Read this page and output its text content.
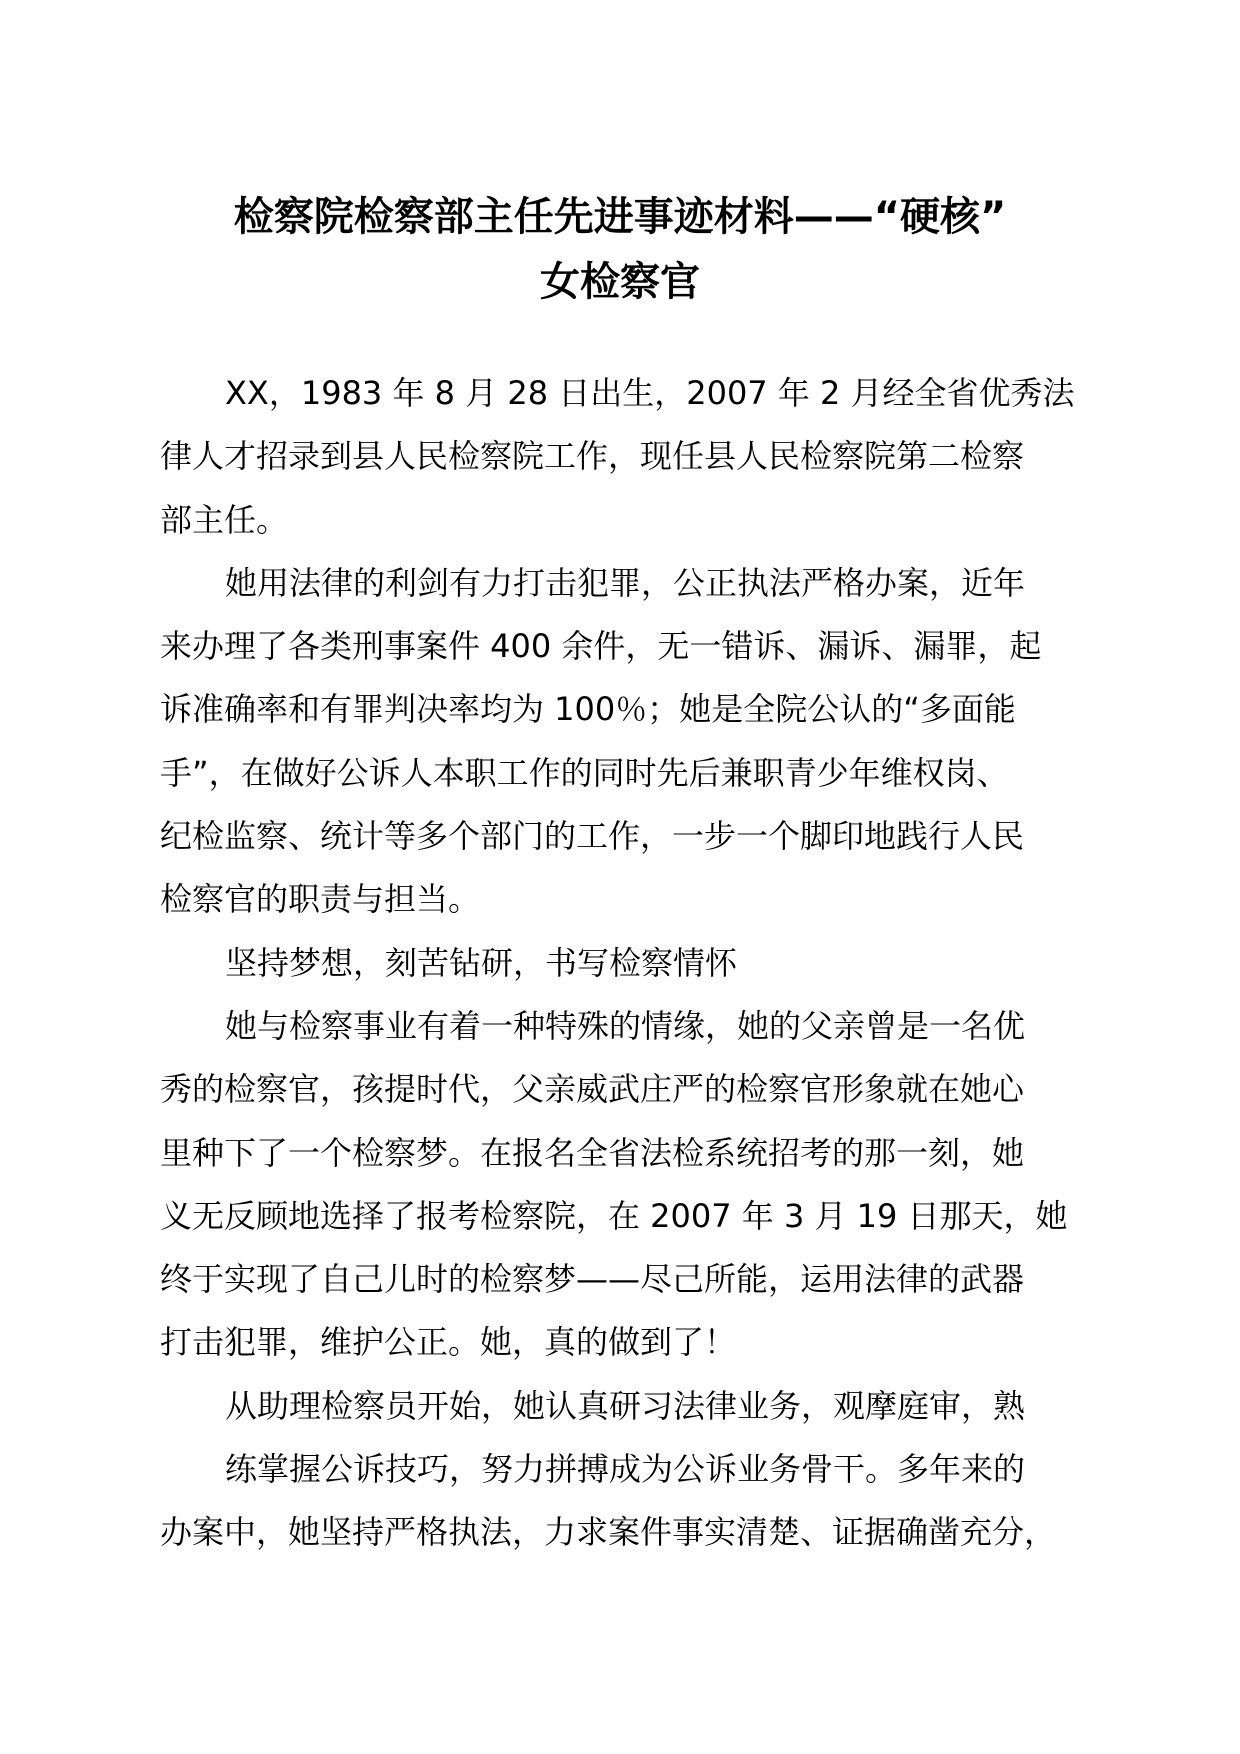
检察院检察部主任先进事迹材料——“硬核”
女检察官
XX，1983 年 8 月 28 日出生，2007 年 2 月经全省优秀法
律人才招录到县人民检察院工作，现任县人民检察院第二检察
部主任。
她用法律的利剑有力打击犯罪，公正执法严格办案，近年
来办理了各类刑事案件 400 余件，无一错诉、漏诉、漏罪，起
诉准确率和有罪判决率均为 100％；她是全院公认的“多面能
手”，在做好公诉人本职工作的同时先后兼职青少年维权岗、
纪检监察、统计等多个部门的工作，一步一个脚印地践行人民
检察官的职责与担当。
坚持梦想，刻苦钻研，书写检察情怀
她与检察事业有着一种特殊的情缘，她的父亲曾是一名优
秀的检察官，孩提时代，父亲威武庄严的检察官形象就在她心
里种下了一个检察梦。在报名全省法检系统招考的那一刻，她
义无反顾地选择了报考检察院，在 2007 年 3 月 19 日那天，她
终于实现了自己儿时的检察梦——尽己所能，运用法律的武器
打击犯罪，维护公正。她，真的做到了！
从助理检察员开始，她认真研习法律业务，观摩庭审，熟
练掌握公诉技巧，努力拼搏成为公诉业务骨干。多年来的
办案中，她坚持严格执法，力求案件事实清楚、证据确凿充分，
